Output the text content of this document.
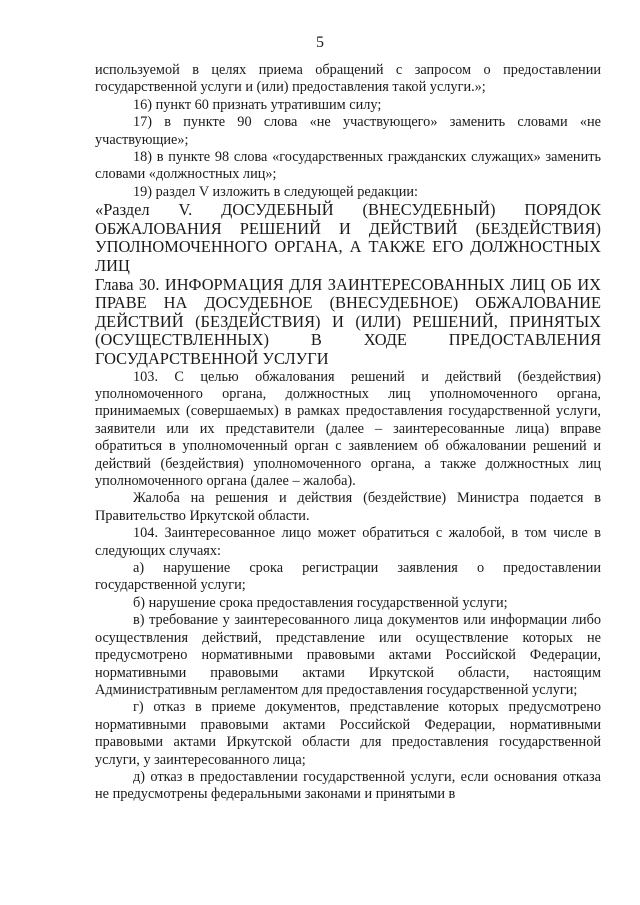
5

используемой в целях приема обращений с запросом о предоставлении государственной услуги и (или) предоставления такой услуги.»;

16) пункт 60 признать утратившим силу;

17) в пункте 90 слова «не участвующего» заменить словами «не участвующие»;

18) в пункте 98 слова «государственных гражданских служащих» заменить словами «должностных лиц»;

19) раздел V изложить в следующей редакции:

«Раздел V. ДОСУДЕБНЫЙ (ВНЕСУДЕБНЫЙ) ПОРЯДОК ОБЖАЛОВАНИЯ РЕШЕНИЙ И ДЕЙСТВИЙ (БЕЗДЕЙСТВИЯ) УПОЛНОМОЧЕННОГО ОРГАНА, А ТАКЖЕ ЕГО ДОЛЖНОСТНЫХ ЛИЦ

Глава 30. ИНФОРМАЦИЯ ДЛЯ ЗАИНТЕРЕСОВАННЫХ ЛИЦ ОБ ИХ ПРАВЕ НА ДОСУДЕБНОЕ (ВНЕСУДЕБНОЕ) ОБЖАЛОВАНИЕ ДЕЙСТВИЙ (БЕЗДЕЙСТВИЯ) И (ИЛИ) РЕШЕНИЙ, ПРИНЯТЫХ (ОСУЩЕСТВЛЕННЫХ) В ХОДЕ ПРЕДОСТАВЛЕНИЯ ГОСУДАРСТВЕННОЙ УСЛУГИ

103. С целью обжалования решений и действий (бездействия) уполномоченного органа, должностных лиц уполномоченного органа, принимаемых (совершаемых) в рамках предоставления государственной услуги, заявители или их представители (далее – заинтересованные лица) вправе обратиться в уполномоченный орган с заявлением об обжаловании решений и действий (бездействия) уполномоченного органа, а также должностных лиц уполномоченного органа (далее – жалоба).

Жалоба на решения и действия (бездействие) Министра подается в Правительство Иркутской области.

104. Заинтересованное лицо может обратиться с жалобой, в том числе в следующих случаях:

а) нарушение срока регистрации заявления о предоставлении государственной услуги;

б) нарушение срока предоставления государственной услуги;

в) требование у заинтересованного лица документов или информации либо осуществления действий, представление или осуществление которых не предусмотрено нормативными правовыми актами Российской Федерации, нормативными правовыми актами Иркутской области, настоящим Административным регламентом для предоставления государственной услуги;

г) отказ в приеме документов, представление которых предусмотрено нормативными правовыми актами Российской Федерации, нормативными правовыми актами Иркутской области для предоставления государственной услуги, у заинтересованного лица;

д) отказ в предоставлении государственной услуги, если основания отказа не предусмотрены федеральными законами и принятыми в
